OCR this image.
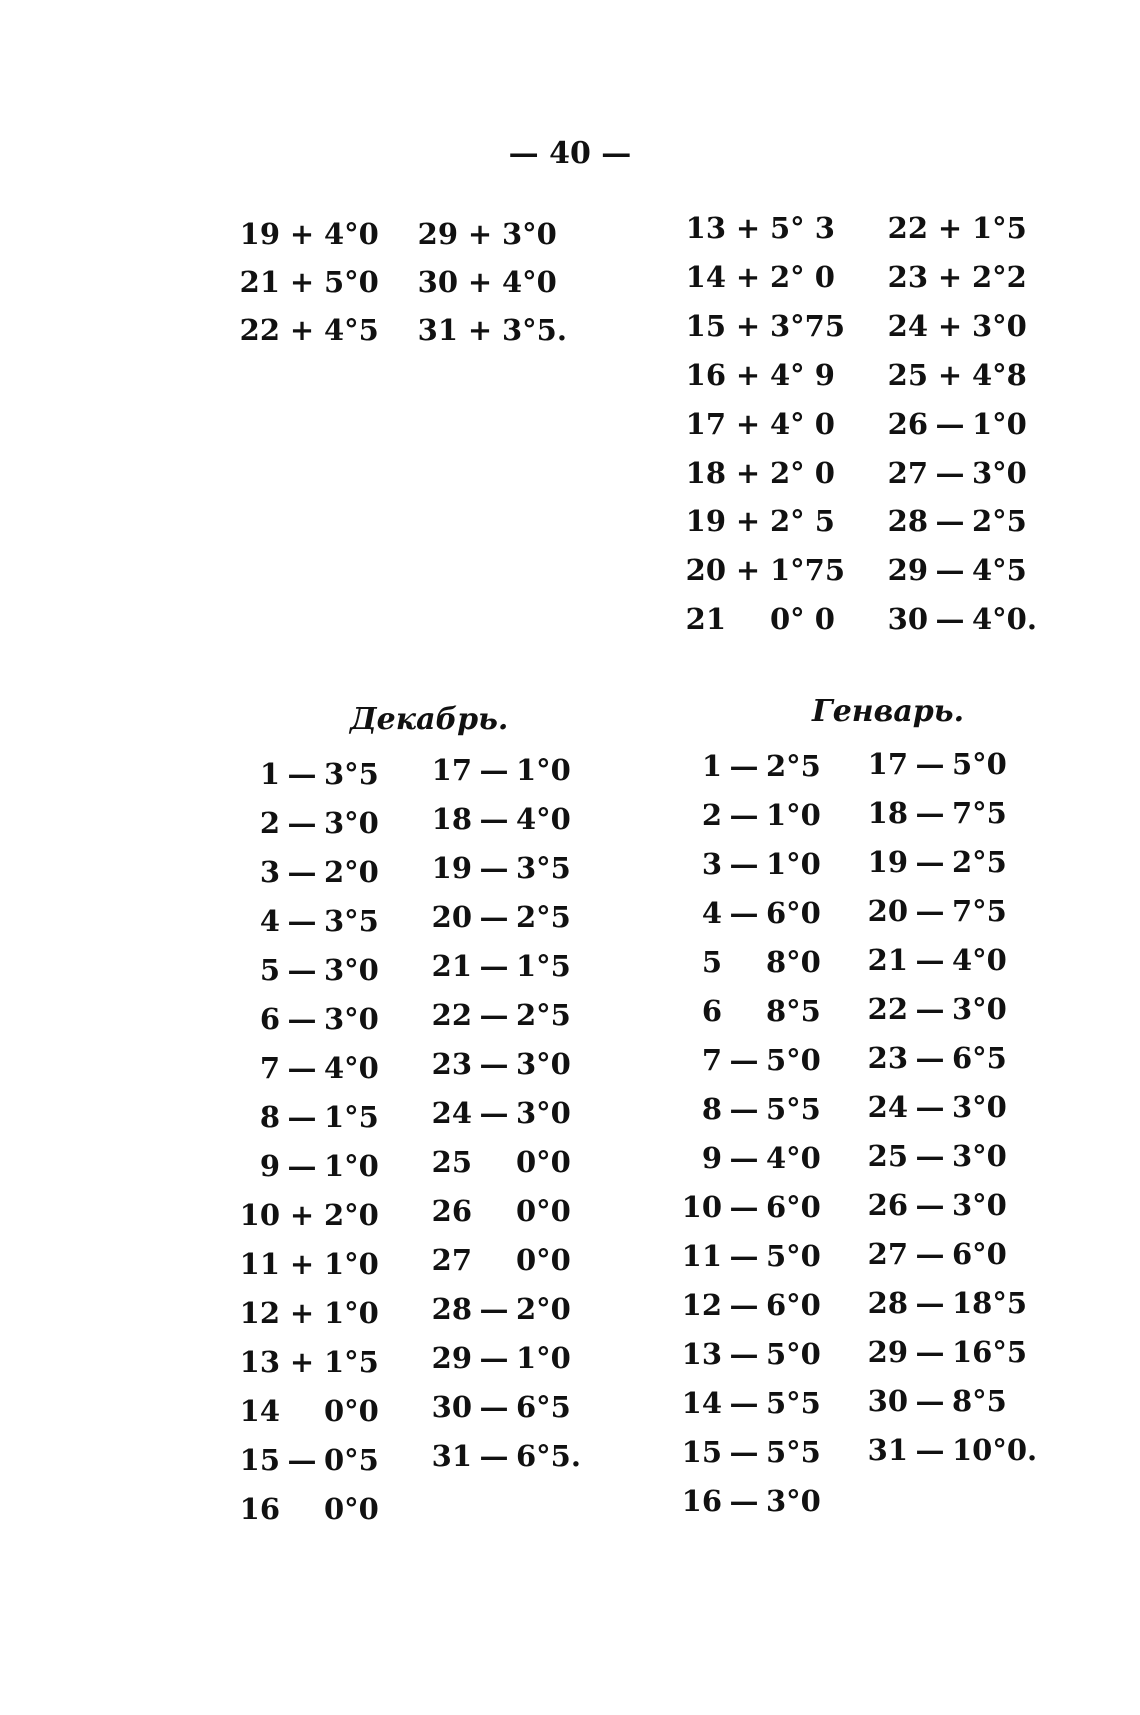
— 40 —
19 + 4°0
21 + 5°0
22 + 4°5
29 + 3°0
30 + 4°0
31 + 3°5.
13 + 5° 3
14 + 2° 0
15 + 3°75
16 + 4° 9
17 + 4° 0
18 + 2° 0
19 + 2° 5
20 + 1°75
21 0° 0
22 + 1°5
23 + 2°2
24 + 3°0
25 + 4°8
26 — 1°0
27 — 3°0
28 — 2°5
29 — 4°5
30 — 4°0.
Декабрь.
1 — 3°5
2 — 3°0
3 — 2°0
4 — 3°5
5 — 3°0
6 — 3°0
7 — 4°0
8 — 1°5
9 — 1°0
10 + 2°0
11 + 1°0
12 + 1°0
13 + 1°5
14 0°0
15 — 0°5
16 0°0
17 — 1°0
18 — 4°0
19 — 3°5
20 — 2°5
21 — 1°5
22 — 2°5
23 — 3°0
24 — 3°0
25 0°0
26 0°0
27 0°0
28 — 2°0
29 — 1°0
30 — 6°5
31 — 6°5.
Генварь.
1 — 2°5
2 — 1°0
3 — 1°0
4 — 6°0
5 8°0
6 8°5
7 — 5°0
8 — 5°5
9 — 4°0
10 — 6°0
11 — 5°0
12 — 6°0
13 — 5°0
14 — 5°5
15 — 5°5
16 — 3°0
17 — 5°0
18 — 7°5
19 — 2°5
20 — 7°5
21 — 4°0
22 — 3°0
23 — 6°5
24 — 3°0
25 — 3°0
26 — 3°0
27 — 6°0
28 — 18°5
29 — 16°5
30 — 8°5
31 — 10°0.
